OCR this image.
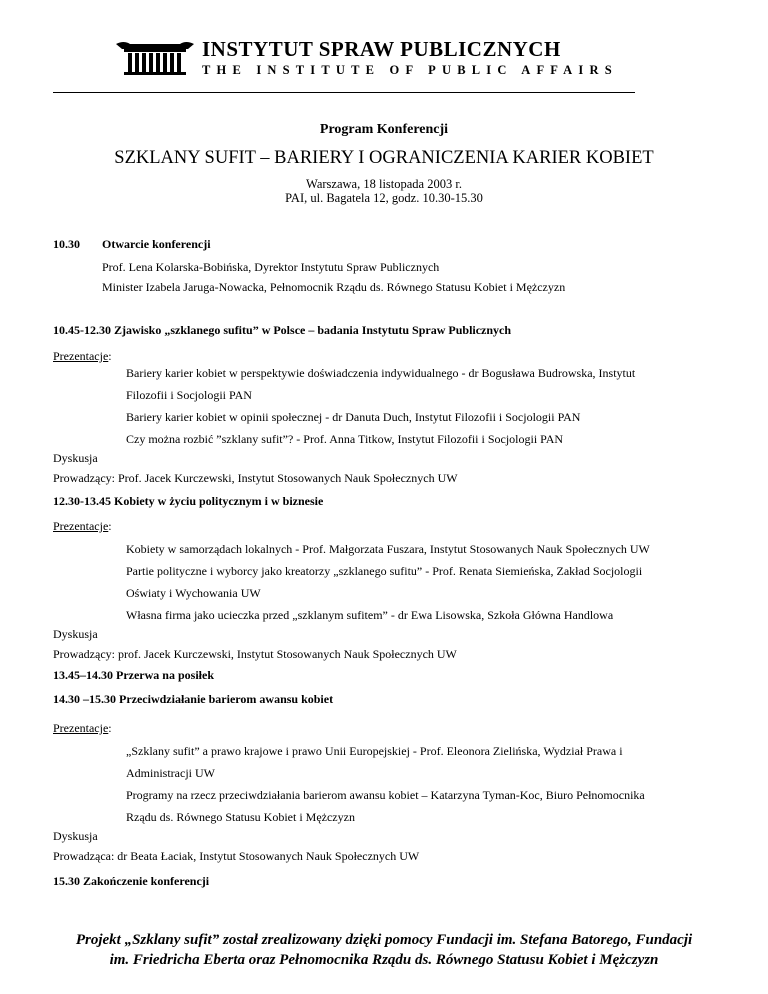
INSTYTUT SPRAW PUBLICZNYCH
THE INSTITUTE OF PUBLIC AFFAIRS
Program Konferencji
SZKLANY SUFIT – BARIERY I OGRANICZENIA KARIER KOBIET
Warszawa, 18 listopada 2003 r.
PAI, ul. Bagatela 12, godz. 10.30-15.30
10.30 Otwarcie konferencji
Prof. Lena Kolarska-Bobińska, Dyrektor Instytutu Spraw Publicznych
Minister Izabela Jaruga-Nowacka, Pełnomocnik Rządu ds. Równego Statusu Kobiet i Mężczyzn
10.45-12.30 Zjawisko „szklanego sufitu” w Polsce – badania Instytutu Spraw Publicznych
Prezentacje:
Bariery karier kobiet w perspektywie doświadczenia indywidualnego - dr Bogusława Budrowska, Instytut
Filozofii i Socjologii PAN
Bariery karier kobiet w opinii społecznej - dr Danuta Duch, Instytut Filozofii i Socjologii PAN
Czy można rozbić ”szklany sufit”? - Prof. Anna Titkow, Instytut Filozofii i Socjologii PAN
Dyskusja
Prowadzący: Prof. Jacek Kurczewski, Instytut Stosowanych Nauk Społecznych UW
12.30-13.45 Kobiety w życiu politycznym i w biznesie
Prezentacje:
Kobiety w samorządach lokalnych - Prof. Małgorzata Fuszara, Instytut Stosowanych Nauk Społecznych UW
Partie polityczne i wyborcy jako kreatorzy „szklanego sufitu” - Prof. Renata Siemieńska, Zakład Socjologii
Oświaty i Wychowania UW
Własna firma jako ucieczka przed „szklanym sufitem” - dr Ewa Lisowska, Szkoła Główna Handlowa
Dyskusja
Prowadzący: prof. Jacek Kurczewski, Instytut Stosowanych Nauk Społecznych UW
13.45–14.30 Przerwa na posiłek
14.30 –15.30 Przeciwdziałanie barierom awansu kobiet
Prezentacje:
„Szklany sufit” a prawo krajowe i prawo Unii Europejskiej - Prof. Eleonora Zielińska, Wydział Prawa i
Administracji UW
Programy na rzecz przeciwdziałania barierom awansu kobiet – Katarzyna Tyman-Koc, Biuro Pełnomocnika
Rządu ds. Równego Statusu Kobiet i Mężczyzn
Dyskusja
Prowadząca: dr Beata Łaciak, Instytut Stosowanych Nauk Społecznych UW
15.30 Zakończenie konferencji
Projekt „Szklany sufit” został zrealizowany dzięki pomocy Fundacji im. Stefana Batorego, Fundacji
im. Friedricha Eberta oraz Pełnomocnika Rządu ds. Równego Statusu Kobiet i Mężczyzn
